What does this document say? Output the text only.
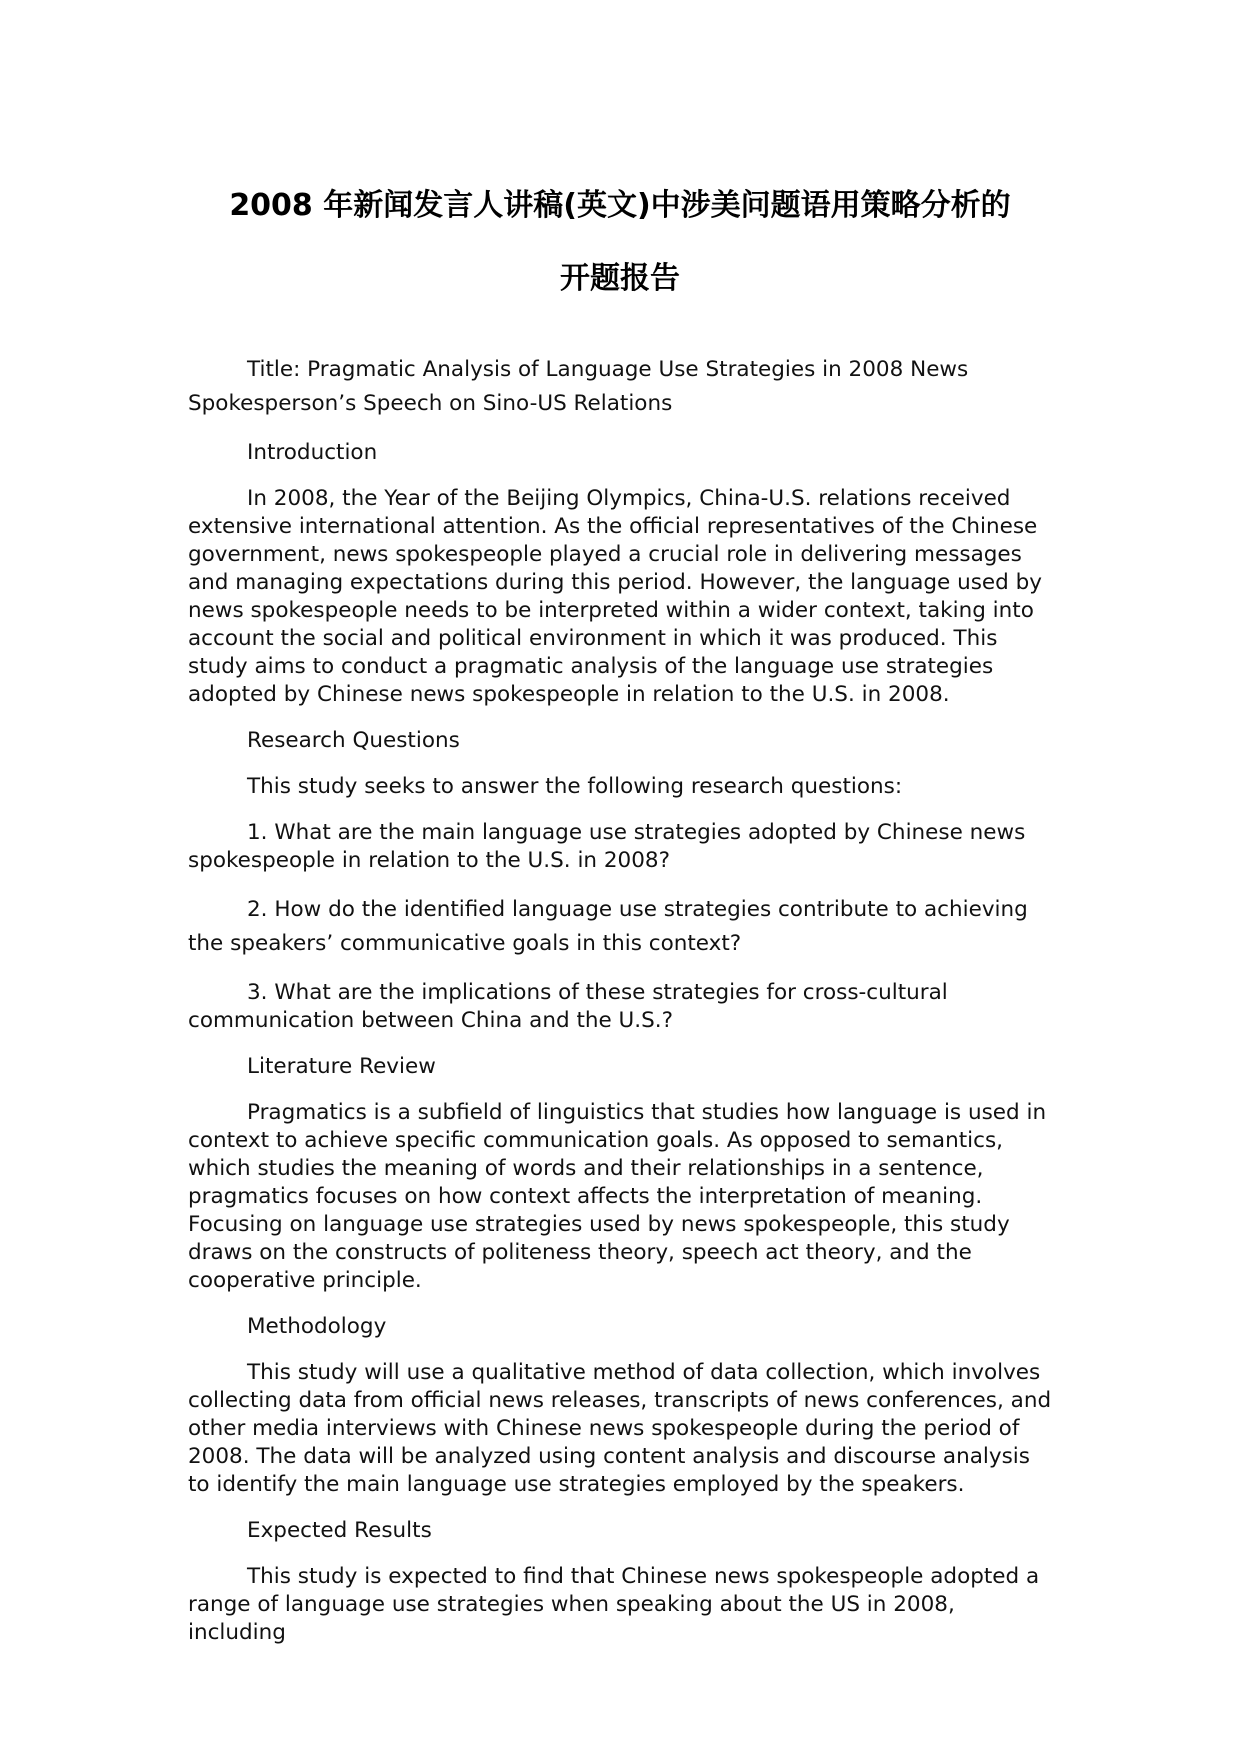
2008 年新闻发言人讲稿(英文)中涉美问题语用策略分析的
开题报告

Title: Pragmatic Analysis of Language Use Strategies in 2008 News Spokesperson’s Speech on Sino-US Relations

Introduction

In 2008, the Year of the Beijing Olympics, China-U.S. relations received extensive international attention. As the official representatives of the Chinese government, news spokespeople played a crucial role in delivering messages and managing expectations during this period. However, the language used by news spokespeople needs to be interpreted within a wider context, taking into account the social and political environment in which it was produced. This study aims to conduct a pragmatic analysis of the language use strategies adopted by Chinese news spokespeople in relation to the U.S. in 2008.

Research Questions

This study seeks to answer the following research questions:

1. What are the main language use strategies adopted by Chinese news spokespeople in relation to the U.S. in 2008?

2. How do the identified language use strategies contribute to achieving the speakers’ communicative goals in this context?

3. What are the implications of these strategies for cross-cultural communication between China and the U.S.?

Literature Review

Pragmatics is a subfield of linguistics that studies how language is used in context to achieve specific communication goals. As opposed to semantics, which studies the meaning of words and their relationships in a sentence, pragmatics focuses on how context affects the interpretation of meaning. Focusing on language use strategies used by news spokespeople, this study draws on the constructs of politeness theory, speech act theory, and the cooperative principle.

Methodology

This study will use a qualitative method of data collection, which involves collecting data from official news releases, transcripts of news conferences, and other media interviews with Chinese news spokespeople during the period of 2008. The data will be analyzed using content analysis and discourse analysis to identify the main language use strategies employed by the speakers.

Expected Results

This study is expected to find that Chinese news spokespeople adopted a range of language use strategies when speaking about the US in 2008, including
